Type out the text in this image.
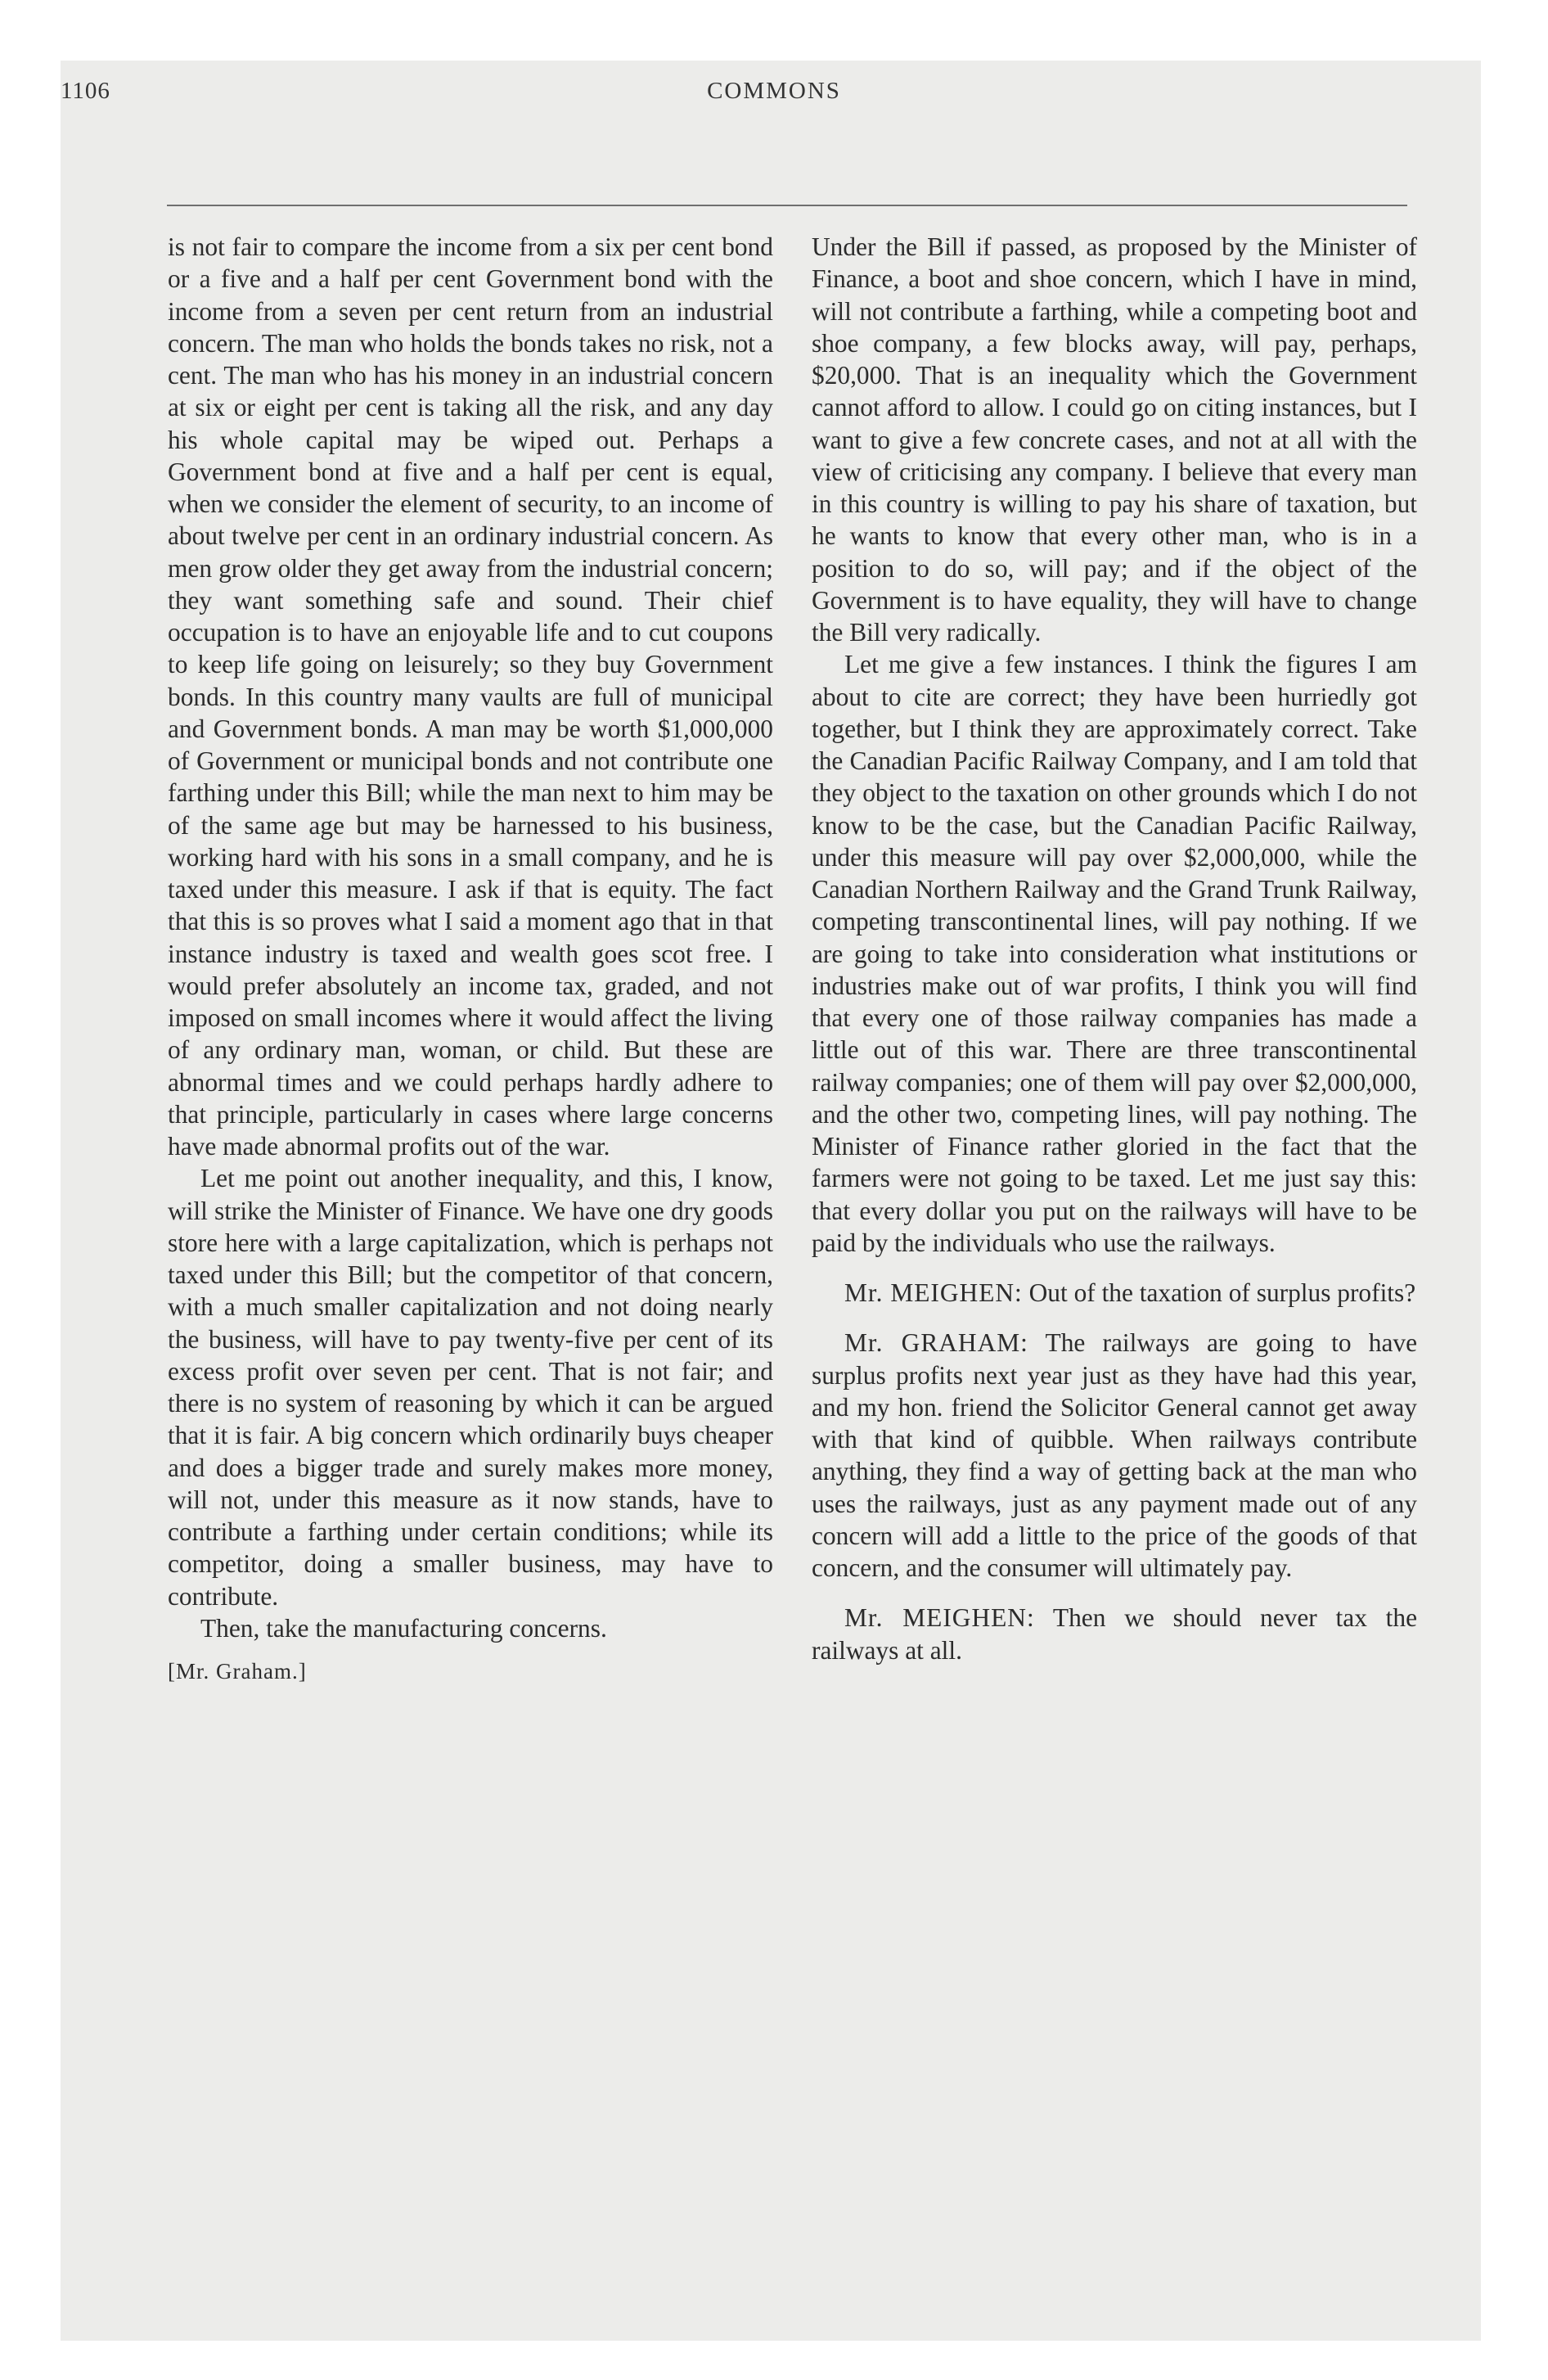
1106	COMMONS

is not fair to compare the income from a six per cent bond or a five and a half per cent Government bond with the income from a seven per cent return from an industrial concern. The man who holds the bonds takes no risk, not a cent. The man who has his money in an industrial concern at six or eight per cent is taking all the risk, and any day his whole capital may be wiped out. Perhaps a Government bond at five and a half per cent is equal, when we consider the element of security, to an income of about twelve per cent in an ordinary industrial concern. As men grow older they get away from the industrial concern; they want something safe and sound. Their chief occupation is to have an enjoyable life and to cut coupons to keep life going on leisurely; so they buy Government bonds. In this country many vaults are full of municipal and Government bonds. A man may be worth $1,000,000 of Government or municipal bonds and not contribute one farthing under this Bill; while the man next to him may be of the same age but may be harnessed to his business, working hard with his sons in a small company, and he is taxed under this measure. I ask if that is equity. The fact that this is so proves what I said a moment ago that in that instance industry is taxed and wealth goes scot free. I would prefer absolutely an income tax, graded, and not imposed on small incomes where it would affect the living of any ordinary man, woman, or child. But these are abnormal times and we could perhaps hardly adhere to that principle, particularly in cases where large concerns have made abnormal profits out of the war.

Let me point out another inequality, and this, I know, will strike the Minister of Finance. We have one dry goods store here with a large capitalization, which is perhaps not taxed under this Bill; but the competitor of that concern, with a much smaller capitalization and not doing nearly the business, will have to pay twenty-five per cent of its excess profit over seven per cent. That is not fair; and there is no system of reasoning by which it can be argued that it is fair. A big concern which ordinarily buys cheaper and does a bigger trade and surely makes more money, will not, under this measure as it now stands, have to contribute a farthing under certain conditions; while its competitor, doing a smaller business, may have to contribute.

Then, take the manufacturing concerns.

[Mr. Graham.]

Under the Bill if passed, as proposed by the Minister of Finance, a boot and shoe concern, which I have in mind, will not contribute a farthing, while a competing boot and shoe company, a few blocks away, will pay, perhaps, $20,000. That is an inequality which the Government cannot afford to allow. I could go on citing instances, but I want to give a few concrete cases, and not at all with the view of criticising any company. I believe that every man in this country is willing to pay his share of taxation, but he wants to know that every other man, who is in a position to do so, will pay; and if the object of the Government is to have equality, they will have to change the Bill very radically.

Let me give a few instances. I think the figures I am about to cite are correct; they have been hurriedly got together, but I think they are approximately correct. Take the Canadian Pacific Railway Company, and I am told that they object to the taxation on other grounds which I do not know to be the case, but the Canadian Pacific Railway, under this measure will pay over $2,000,000, while the Canadian Northern Railway and the Grand Trunk Railway, competing transcontinental lines, will pay nothing. If we are going to take into consideration what institutions or industries make out of war profits, I think you will find that every one of those railway companies has made a little out of this war. There are three transcontinental railway companies; one of them will pay over $2,000,000, and the other two, competing lines, will pay nothing. The Minister of Finance rather gloried in the fact that the farmers were not going to be taxed. Let me just say this: that every dollar you put on the railways will have to be paid by the individuals who use the railways.

Mr. MEIGHEN: Out of the taxation of surplus profits?

Mr. GRAHAM: The railways are going to have surplus profits next year just as they have had this year, and my hon. friend the Solicitor General cannot get away with that kind of quibble. When railways contribute anything, they find a way of getting back at the man who uses the railways, just as any payment made out of any concern will add a little to the price of the goods of that concern, and the consumer will ultimately pay.

Mr. MEIGHEN: Then we should never tax the railways at all.
